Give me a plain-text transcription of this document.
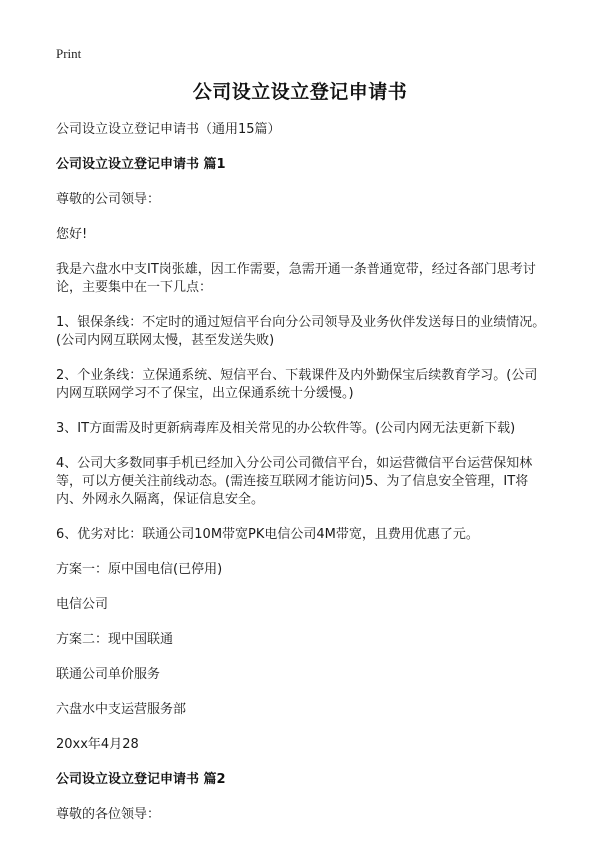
Print
公司设立设立登记申请书

公司设立设立登记申请书（通用15篇）

公司设立设立登记申请书 篇1

尊敬的公司领导：

您好!

我是六盘水中支IT岗张雄，因工作需要，急需开通一条普通宽带，经过各部门思考讨论，主要集中在一下几点：

1、银保条线：不定时的通过短信平台向分公司领导及业务伙伴发送每日的业绩情况。(公司内网互联网太慢，甚至发送失败)

2、个业条线：立保通系统、短信平台、下载课件及内外勤保宝后续教育学习。(公司内网互联网学习不了保宝，出立保通系统十分缓慢。)

3、IT方面需及时更新病毒库及相关常见的办公软件等。(公司内网无法更新下载)

4、公司大多数同事手机已经加入分公司公司微信平台，如运营微信平台运营保知林等，可以方便关注前线动态。(需连接互联网才能访问)5、为了信息安全管理，IT将内、外网永久隔离，保证信息安全。

6、优劣对比：联通公司10M带宽PK电信公司4M带宽，且费用优惠了元。

方案一：原中国电信(已停用)

电信公司

方案二：现中国联通

联通公司单价服务

六盘水中支运营服务部

20xx年4月28

公司设立设立登记申请书 篇2

尊敬的各位领导：
